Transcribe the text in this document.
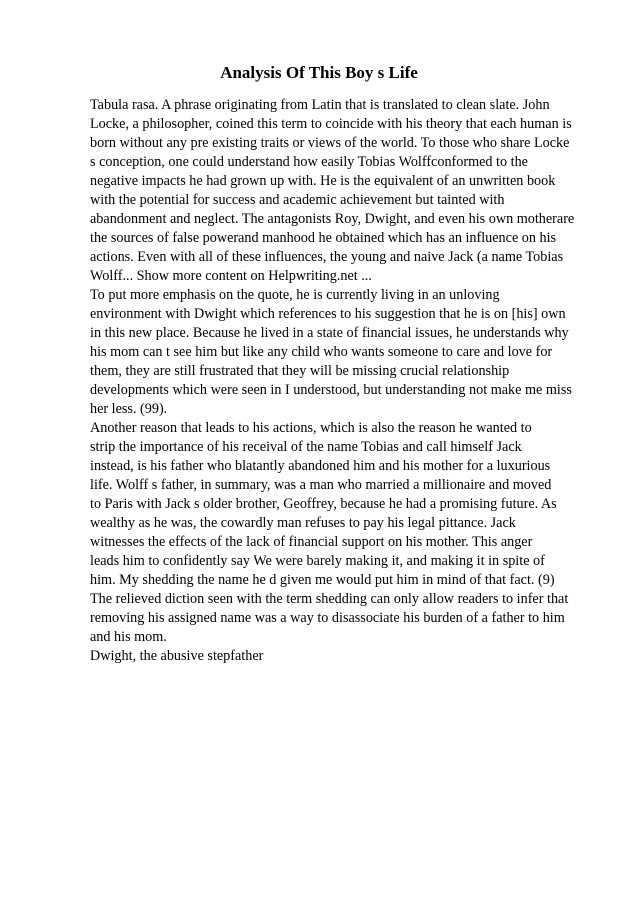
Analysis Of This Boy s Life
Tabula rasa. A phrase originating from Latin that is translated to clean slate. John
Locke, a philosopher, coined this term to coincide with his theory that each human is
born without any pre existing traits or views of the world. To those who share Locke
s conception, one could understand how easily Tobias Wolffconformed to the
negative impacts he had grown up with. He is the equivalent of an unwritten book
with the potential for success and academic achievement but tainted with
abandonment and neglect. The antagonists Roy, Dwight, and even his own motherare
the sources of false powerand manhood he obtained which has an influence on his
actions. Even with all of these influences, the young and naive Jack (a name Tobias
Wolff... Show more content on Helpwriting.net ...
To put more emphasis on the quote, he is currently living in an unloving
environment with Dwight which references to his suggestion that he is on [his] own
in this new place. Because he lived in a state of financial issues, he understands why
his mom can t see him but like any child who wants someone to care and love for
them, they are still frustrated that they will be missing crucial relationship
developments which were seen in I understood, but understanding not make me miss
her less. (99).
Another reason that leads to his actions, which is also the reason he wanted to
strip the importance of his receival of the name Tobias and call himself Jack
instead, is his father who blatantly abandoned him and his mother for a luxurious
life. Wolff s father, in summary, was a man who married a millionaire and moved
to Paris with Jack s older brother, Geoffrey, because he had a promising future. As
wealthy as he was, the cowardly man refuses to pay his legal pittance. Jack
witnesses the effects of the lack of financial support on his mother. This anger
leads him to confidently say We were barely making it, and making it in spite of
him. My shedding the name he d given me would put him in mind of that fact. (9)
The relieved diction seen with the term shedding can only allow readers to infer that
removing his assigned name was a way to disassociate his burden of a father to him
and his mom.
Dwight, the abusive stepfather
